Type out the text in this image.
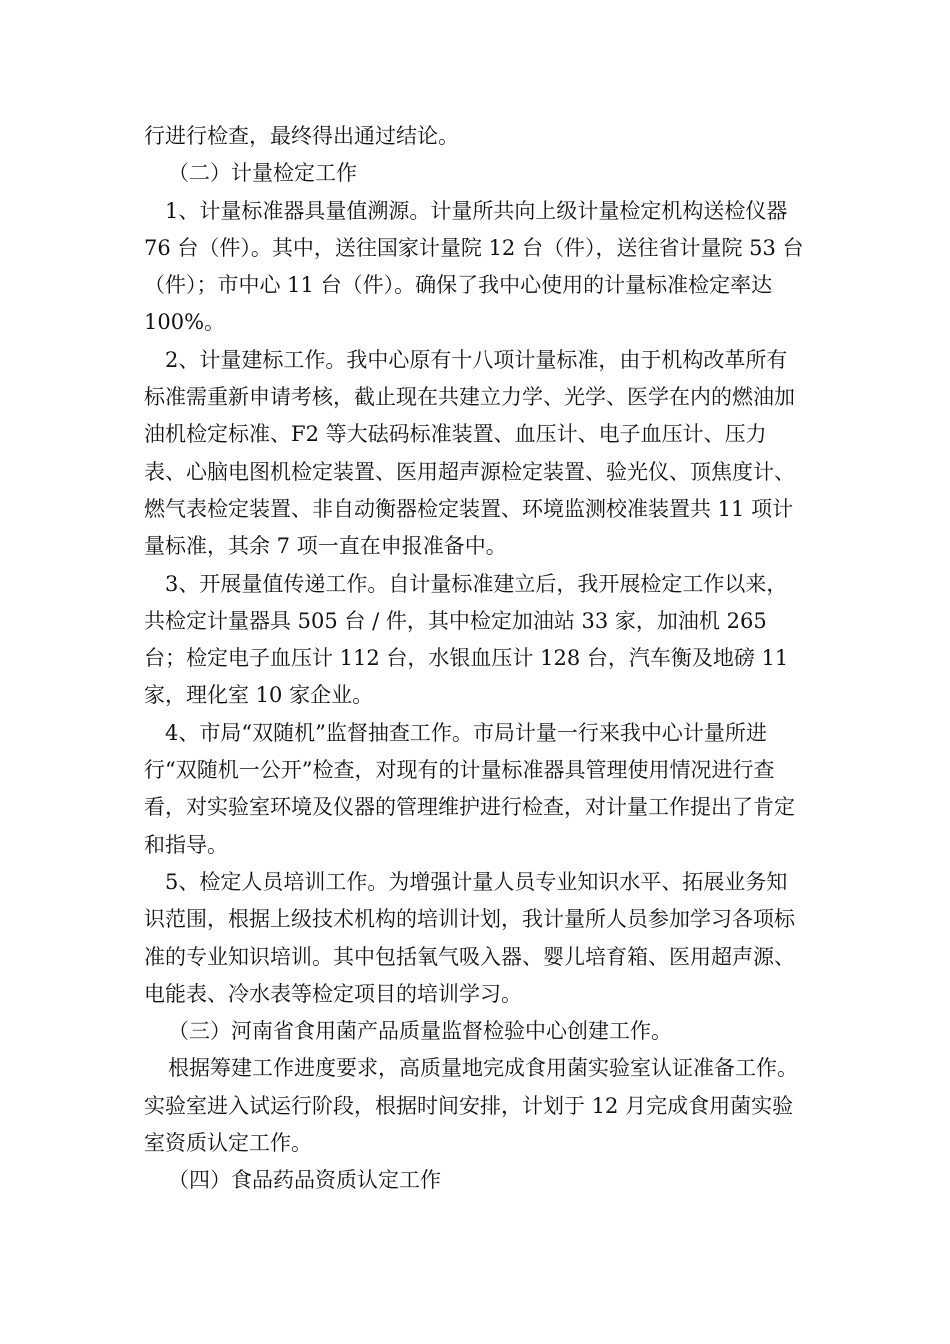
行进行检查，最终得出通过结论。

（二）计量检定工作

1、计量标准器具量值溯源。计量所共向上级计量检定机构送检仪器 76 台（件）。其中，送往国家计量院 12 台（件），送往省计量院 53 台（件）；市中心 11 台（件）。确保了我中心使用的计量标准检定率达 100%。

2、计量建标工作。我中心原有十八项计量标准，由于机构改革所有标准需重新申请考核，截止现在共建立力学、光学、医学在内的燃油加油机检定标准、F2 等大砝码标准装置、血压计、电子血压计、压力表、心脑电图机检定装置、医用超声源检定装置、验光仪、顶焦度计、燃气表检定装置、非自动衡器检定装置、环境监测校准装置共 11 项计量标准，其余 7 项一直在申报准备中。

3、开展量值传递工作。自计量标准建立后，我开展检定工作以来，共检定计量器具 505 台 / 件，其中检定加油站 33 家，加油机 265 台；检定电子血压计 112 台，水银血压计 128 台，汽车衡及地磅 11 家，理化室 10 家企业。

4、市局“双随机”监督抽查工作。市局计量一行来我中心计量所进行“双随机一公开”检查，对现有的计量标准器具管理使用情况进行查看，对实验室环境及仪器的管理维护进行检查，对计量工作提出了肯定和指导。

5、检定人员培训工作。为增强计量人员专业知识水平、拓展业务知识范围，根据上级技术机构的培训计划，我计量所人员参加学习各项标准的专业知识培训。其中包括氧气吸入器、婴儿培育箱、医用超声源、电能表、冷水表等检定项目的培训学习。

（三）河南省食用菌产品质量监督检验中心创建工作。

根据筹建工作进度要求，高质量地完成食用菌实验室认证准备工作。实验室进入试运行阶段，根据时间安排，计划于 12 月完成食用菌实验室资质认定工作。

（四）食品药品资质认定工作
